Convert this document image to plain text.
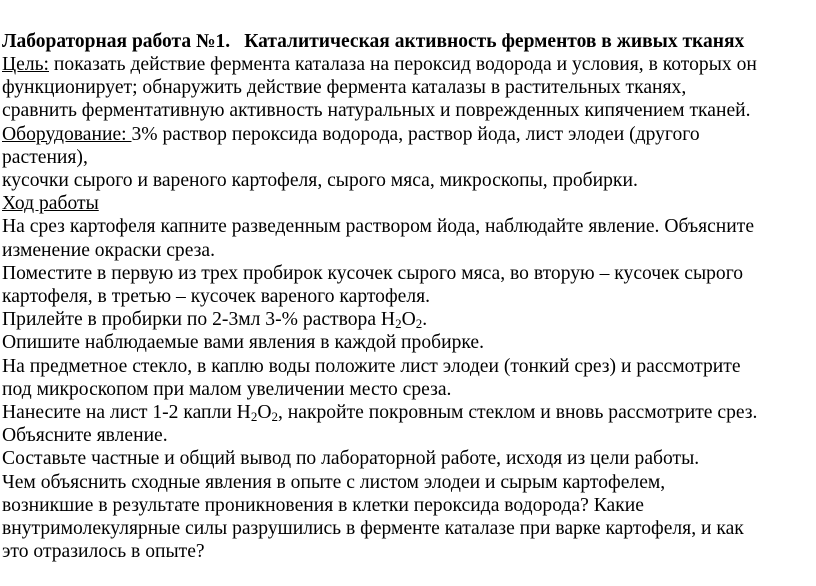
Лабораторная работа №1. Каталитическая активность ферментов в живых тканях

Цель: показать действие фермента каталаза на пероксид водорода и условия, в которых он

функционирует; обнаружить действие фермента каталазы в растительных тканях,

сравнить ферментативную активность натуральных и поврежденных кипячением тканей.

Оборудование: 3% раствор пероксида водорода, раствор йода, лист элодеи (другого

растения),

кусочки сырого и вареного картофеля, сырого мяса, микроскопы, пробирки.

Ход работы

На срез картофеля капните разведенным раствором йода, наблюдайте явление. Объясните

изменение окраски среза.

Поместите в первую из трех пробирок кусочек сырого мяса, во вторую – кусочек сырого

картофеля, в третью – кусочек вареного картофеля.

Прилейте в пробирки по 2-3мл 3-% раствора $Н_2О_2$.

Опишите наблюдаемые вами явления в каждой пробирке.

На предметное стекло, в каплю воды положите лист элодеи (тонкий срез) и рассмотрите

под микроскопом при малом увеличении место среза.

Нанесите на лист 1-2 капли $Н_2О_2$, накройте покровным стеклом и вновь рассмотрите срез.

Объясните явление.

Составьте частные и общий вывод по лабораторной работе, исходя из цели работы.

Чем объяснить сходные явления в опыте с листом элодеи и сырым картофелем,

возникшие в результате проникновения в клетки пероксида водорода? Какие

внутримолекулярные силы разрушились в ферменте каталазе при варке картофеля, и как

это отразилось в опыте?
